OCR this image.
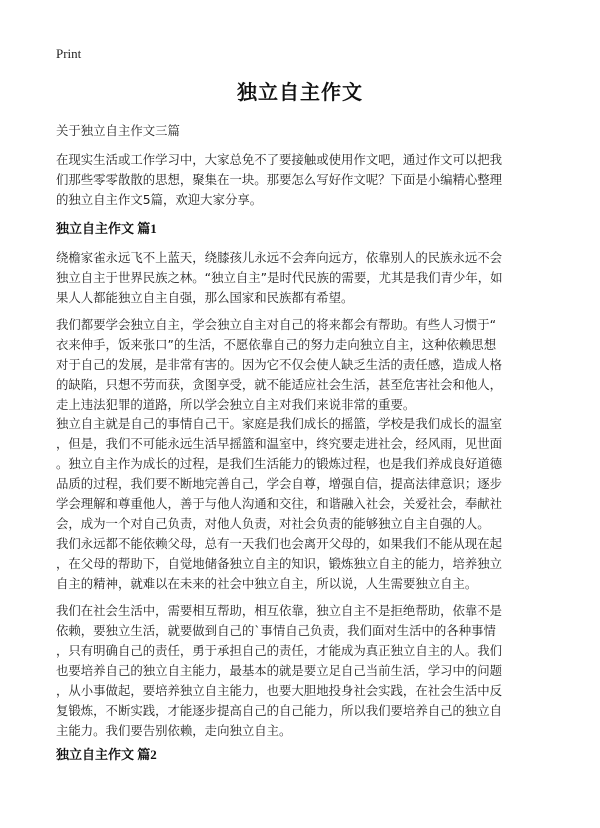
Print
独立自主作文
关于独立自主作文三篇
在现实生活或工作学习中，大家总免不了要接触或使用作文吧，通过作文可以把我
们那些零零散散的思想，聚集在一块。那要怎么写好作文呢？下面是小编精心整理
的独立自主作文5篇，欢迎大家分享。
独立自主作文 篇1
绕檐家雀永远飞不上蓝天，绕膝孩儿永远不会奔向远方，依靠别人的民族永远不会
独立自主于世界民族之林。“独立自主”是时代民族的需要，尤其是我们青少年，如
果人人都能独立自主自强，那么国家和民族都有希望。
我们都要学会独立自主，学会独立自主对自己的将来都会有帮助。有些人习惯于“
衣来伸手，饭来张口”的生活，不愿依靠自己的努力走向独立自主，这种依赖思想
对于自己的发展，是非常有害的。因为它不仅会使人缺乏生活的责任感，造成人格
的缺陷，只想不劳而获，贪图享受，就不能适应社会生活，甚至危害社会和他人，
走上违法犯罪的道路，所以学会独立自主对我们来说非常的重要。
独立自主就是自己的事情自己干。家庭是我们成长的摇篮，学校是我们成长的温室
，但是，我们不可能永远生活早摇篮和温室中，终究要走进社会，经风雨，见世面
。独立自主作为成长的过程，是我们生活能力的锻炼过程，也是我们养成良好道德
品质的过程，我们要不断地完善自己，学会自尊，增强自信，提高法律意识；逐步
学会理解和尊重他人，善于与他人沟通和交往，和谐融入社会，关爱社会，奉献社
会，成为一个对自己负责，对他人负责，对社会负责的能够独立自主自强的人。
我们永远都不能依赖父母，总有一天我们也会离开父母的，如果我们不能从现在起
，在父母的帮助下，自觉地储备独立自主的知识，锻炼独立自主的能力，培养独立
自主的精神，就难以在未来的社会中独立自主，所以说，人生需要独立自主。
我们在社会生活中，需要相互帮助，相互依靠，独立自主不是拒绝帮助，依靠不是
依赖，要独立生活，就要做到自己的`事情自己负责，我们面对生活中的各种事情
，只有明确自己的责任，勇于承担自己的责任，才能成为真正独立自主的人。我们
也要培养自己的独立自主能力，最基本的就是要立足自己当前生活，学习中的问题
，从小事做起，要培养独立自主能力，也要大胆地投身社会实践，在社会生活中反
复锻炼，不断实践，才能逐步提高自己的自己能力，所以我们要培养自己的独立自
主能力。我们要告别依赖，走向独立自主。
独立自主作文 篇2
